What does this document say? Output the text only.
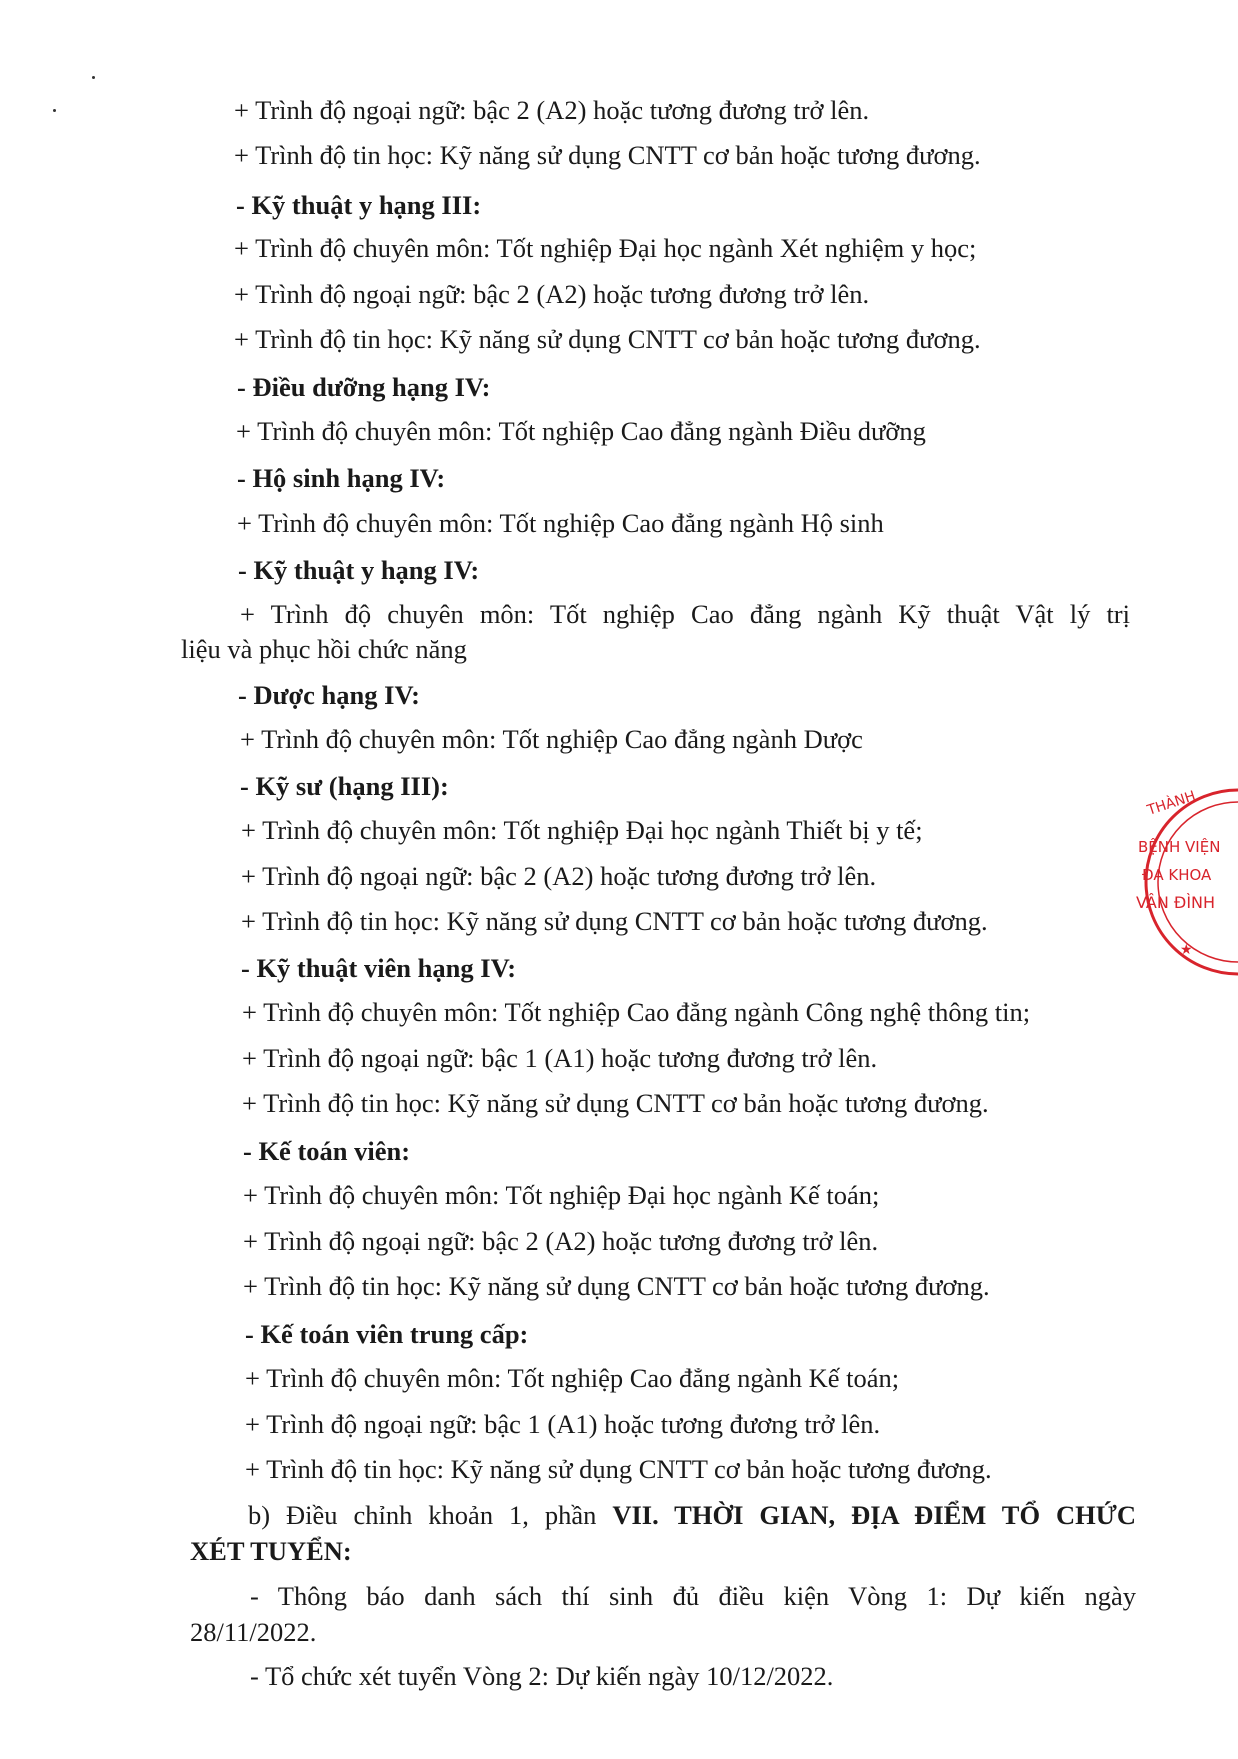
+ Trình độ ngoại ngữ: bậc 2 (A2) hoặc tương đương trở lên.
+ Trình độ tin học: Kỹ năng sử dụng CNTT cơ bản hoặc tương đương.
- Kỹ thuật y hạng III:
+ Trình độ chuyên môn: Tốt nghiệp Đại học ngành Xét nghiệm y học;
+ Trình độ ngoại ngữ: bậc 2 (A2) hoặc tương đương trở lên.
+ Trình độ tin học: Kỹ năng sử dụng CNTT cơ bản hoặc tương đương.
- Điều dưỡng hạng IV:
+ Trình độ chuyên môn: Tốt nghiệp Cao đẳng ngành Điều dưỡng
- Hộ sinh hạng IV:
+ Trình độ chuyên môn: Tốt nghiệp Cao đẳng ngành Hộ sinh
- Kỹ thuật y hạng IV:
+ Trình độ chuyên môn: Tốt nghiệp Cao đẳng ngành Kỹ thuật Vật lý trị
liệu và phục hồi chức năng
- Dược hạng IV:
+ Trình độ chuyên môn: Tốt nghiệp Cao đẳng ngành Dược
- Kỹ sư (hạng III):
+ Trình độ chuyên môn: Tốt nghiệp Đại học ngành Thiết bị y tế;
+ Trình độ ngoại ngữ: bậc 2 (A2) hoặc tương đương trở lên.
+ Trình độ tin học: Kỹ năng sử dụng CNTT cơ bản hoặc tương đương.
- Kỹ thuật viên hạng IV:
+ Trình độ chuyên môn: Tốt nghiệp Cao đẳng ngành Công nghệ thông tin;
+ Trình độ ngoại ngữ: bậc 1 (A1) hoặc tương đương trở lên.
+ Trình độ tin học: Kỹ năng sử dụng CNTT cơ bản hoặc tương đương.
- Kế toán viên:
+ Trình độ chuyên môn: Tốt nghiệp Đại học ngành Kế toán;
+ Trình độ ngoại ngữ: bậc 2 (A2) hoặc tương đương trở lên.
+ Trình độ tin học: Kỹ năng sử dụng CNTT cơ bản hoặc tương đương.
- Kế toán viên trung cấp:
+ Trình độ chuyên môn: Tốt nghiệp Cao đẳng ngành Kế toán;
+ Trình độ ngoại ngữ: bậc 1 (A1) hoặc tương đương trở lên.
+ Trình độ tin học: Kỹ năng sử dụng CNTT cơ bản hoặc tương đương.
b) Điều chỉnh khoản 1, phần VII. THỜI GIAN, ĐỊA ĐIỂM TỔ CHỨC
XÉT TUYỂN:
- Thông báo danh sách thí sinh đủ điều kiện Vòng 1: Dự kiến ngày
28/11/2022.
- Tổ chức xét tuyển Vòng 2: Dự kiến ngày 10/12/2022.
THÀNH
BỆNH VIỆN
ĐA KHOA
VÂN ĐÌNH
★
